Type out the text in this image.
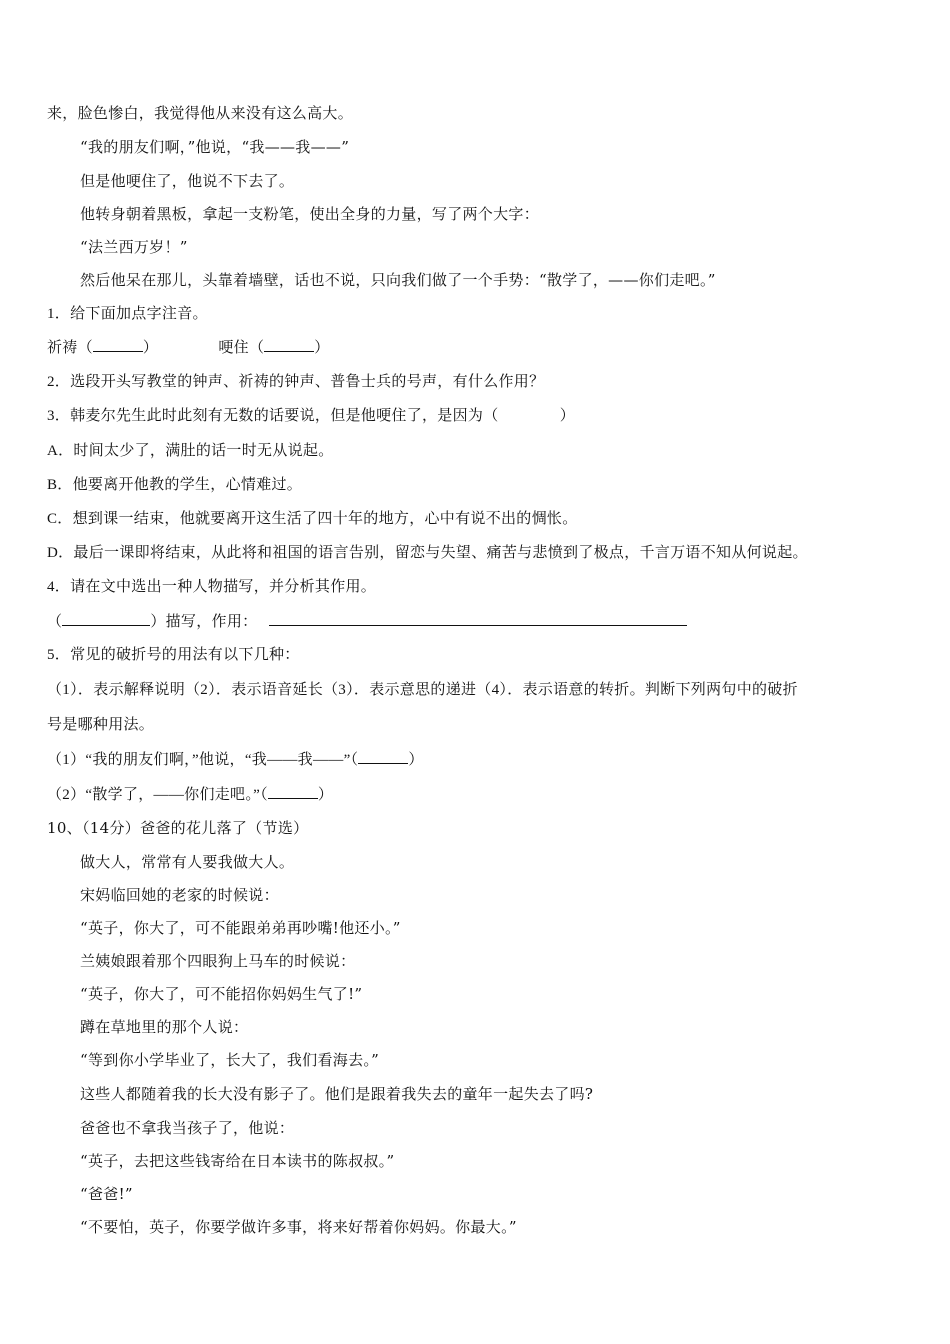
来，脸色惨白，我觉得他从来没有这么高大。
“我的朋友们啊，”他说，“我——我——”
但是他哽住了，他说不下去了。
他转身朝着黑板，拿起一支粉笔，使出全身的力量，写了两个大字：
“法兰西万岁！”
然后他呆在那儿，头靠着墙壁，话也不说，只向我们做了一个手势：“散学了，——你们走吧。”
1．给下面加点字注音。
祈祷（	）	哽住（	）
2．选段开头写教堂的钟声、祈祷的钟声、普鲁士兵的号声，有什么作用？
3．韩麦尔先生此时此刻有无数的话要说，但是他哽住了，是因为（　　　　）
A．时间太少了，满肚的话一时无从说起。
B．他要离开他教的学生，心情难过。
C．想到课一结束，他就要离开这生活了四十年的地方，心中有说不出的惆怅。
D．最后一课即将结束，从此将和祖国的语言告别，留恋与失望、痛苦与悲愤到了极点，千言万语不知从何说起。
4．请在文中选出一种人物描写，并分析其作用。
（	）描写，作用：
5．常见的破折号的用法有以下几种：
（1）．表示解释说明（2）．表示语音延长（3）．表示意思的递进（4）．表示语意的转折。判断下列两句中的破折
号是哪种用法。
（1）“我的朋友们啊，”他说，“我——我——”（	）
（2）“散学了，——你们走吧。”（	）
10、（14分）爸爸的花儿落了（节选）
做大人，常常有人要我做大人。
宋妈临回她的老家的时候说：
“英子，你大了，可不能跟弟弟再吵嘴!他还小。”
兰姨娘跟着那个四眼狗上马车的时候说：
“英子，你大了，可不能招你妈妈生气了!”
蹲在草地里的那个人说：
“等到你小学毕业了，长大了，我们看海去。”
这些人都随着我的长大没有影子了。他们是跟着我失去的童年一起失去了吗?
爸爸也不拿我当孩子了，他说：
“英子，去把这些钱寄给在日本读书的陈叔叔。”
“爸爸!”
“不要怕，英子，你要学做许多事，将来好帮着你妈妈。你最大。”
